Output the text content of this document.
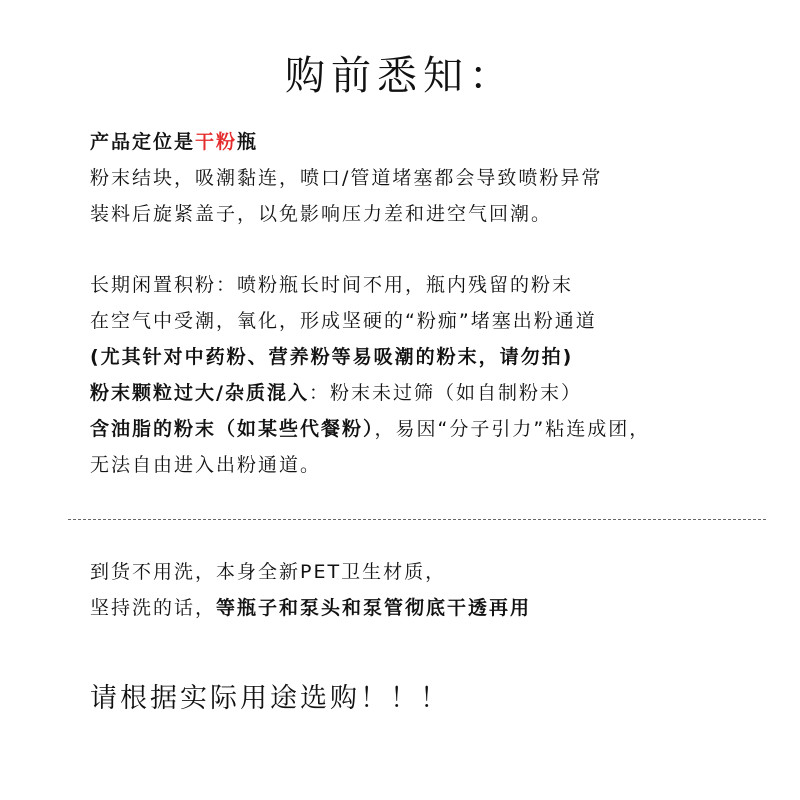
购前悉知：
产品定位是干粉瓶
粉末结块，吸潮黏连，喷口/管道堵塞都会导致喷粉异常
装料后旋紧盖子，以免影响压力差和进空气回潮。
长期闲置积粉：喷粉瓶长时间不用，瓶内残留的粉末
在空气中受潮，氧化，形成坚硬的“粉痂”堵塞出粉通道
(尤其针对中药粉、营养粉等易吸潮的粉末，请勿拍)
粉末颗粒过大/杂质混入：粉末未过筛（如自制粉末）
含油脂的粉末（如某些代餐粉），易因“分子引力”粘连成团，
无法自由进入出粉通道。
到货不用洗，本身全新PET卫生材质，
坚持洗的话，等瓶子和泵头和泵管彻底干透再用
请根据实际用途选购！！！
